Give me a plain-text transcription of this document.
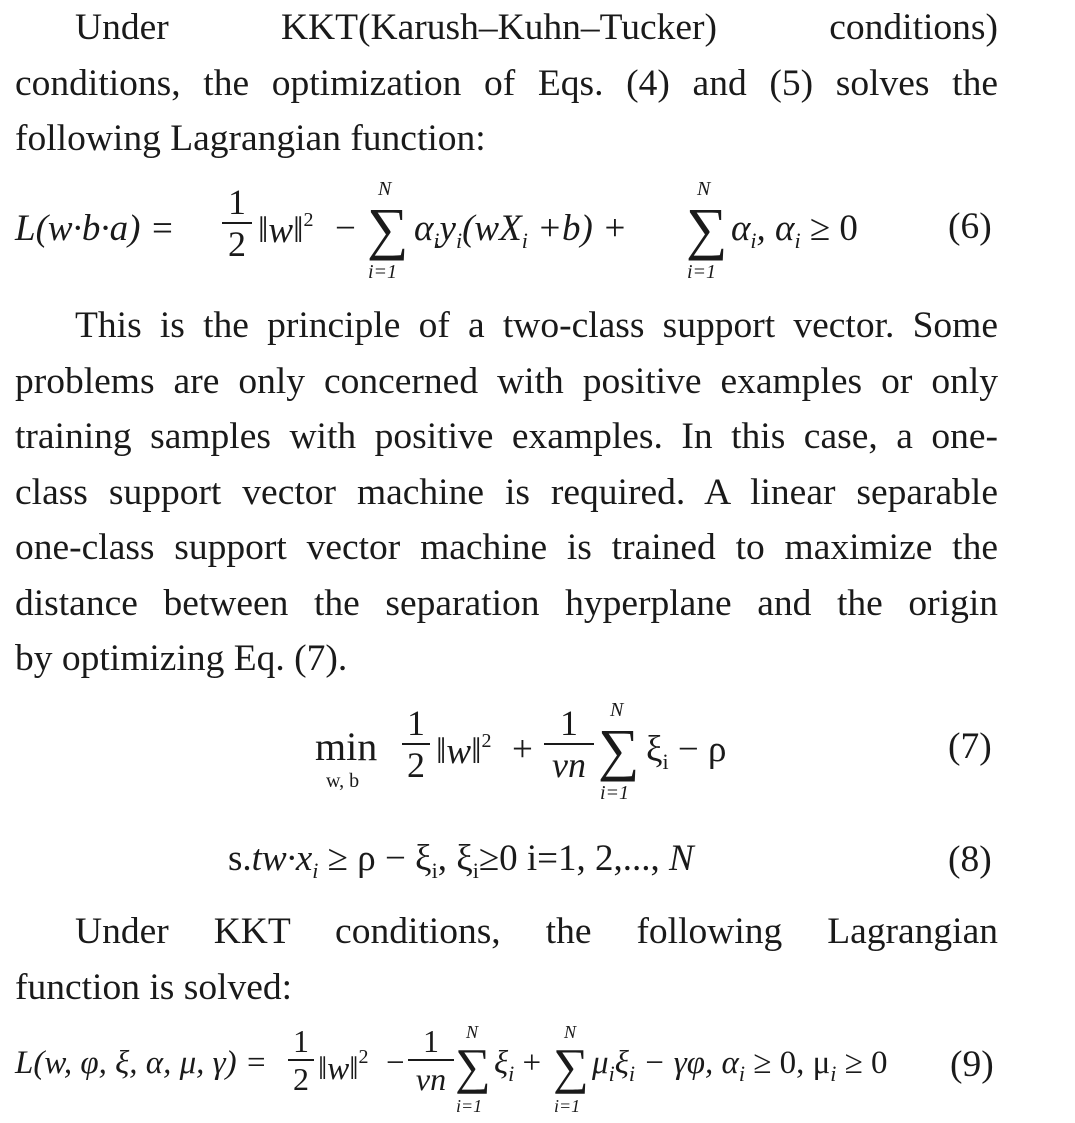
Under KKT(Karush–Kuhn–Tucker) conditions)
conditions, the optimization of Eqs. (4) and (5) solves the
following Lagrangian function:
L(w·b·a) =
1
2 ‖w‖$^2$ −
N
∑
i=1
$\alpha_iy_i(wX_i +b)$ +
N
∑
i=1
$\alpha_i$, $\alpha_i \ge 0$ (6)
This is the principle of a two-class support vector. Some
problems are only concerned with positive examples or only
training samples with positive examples. In this case, a one-
class support vector machine is required. A linear separable
one-class support vector machine is trained to maximize the
distance between the separation hyperplane and the origin
by optimizing Eq. (7).
min
w, b
1
2 ‖w‖$^2$ +
1
vn
N
∑
i=1
$\xi_i - \rho$	(7)
$s.tw\cdot x_i \ge \rho - \xi_i$, $\xi_i\ge 0$ i=1, 2,..., N	(8)
Under KKT conditions, the following Lagrangian
function is solved:
L(w, φ, ξ, α, μ, γ) =
1
2 ‖w‖$^2$ −
1
vn
N
∑
i=1
$\xi_i$ +
N
∑
i=1
$\mu_i\xi_i - \gamma\varphi$, $\alpha_i \ge 0$, $\mu_i \ge 0$ (9)
